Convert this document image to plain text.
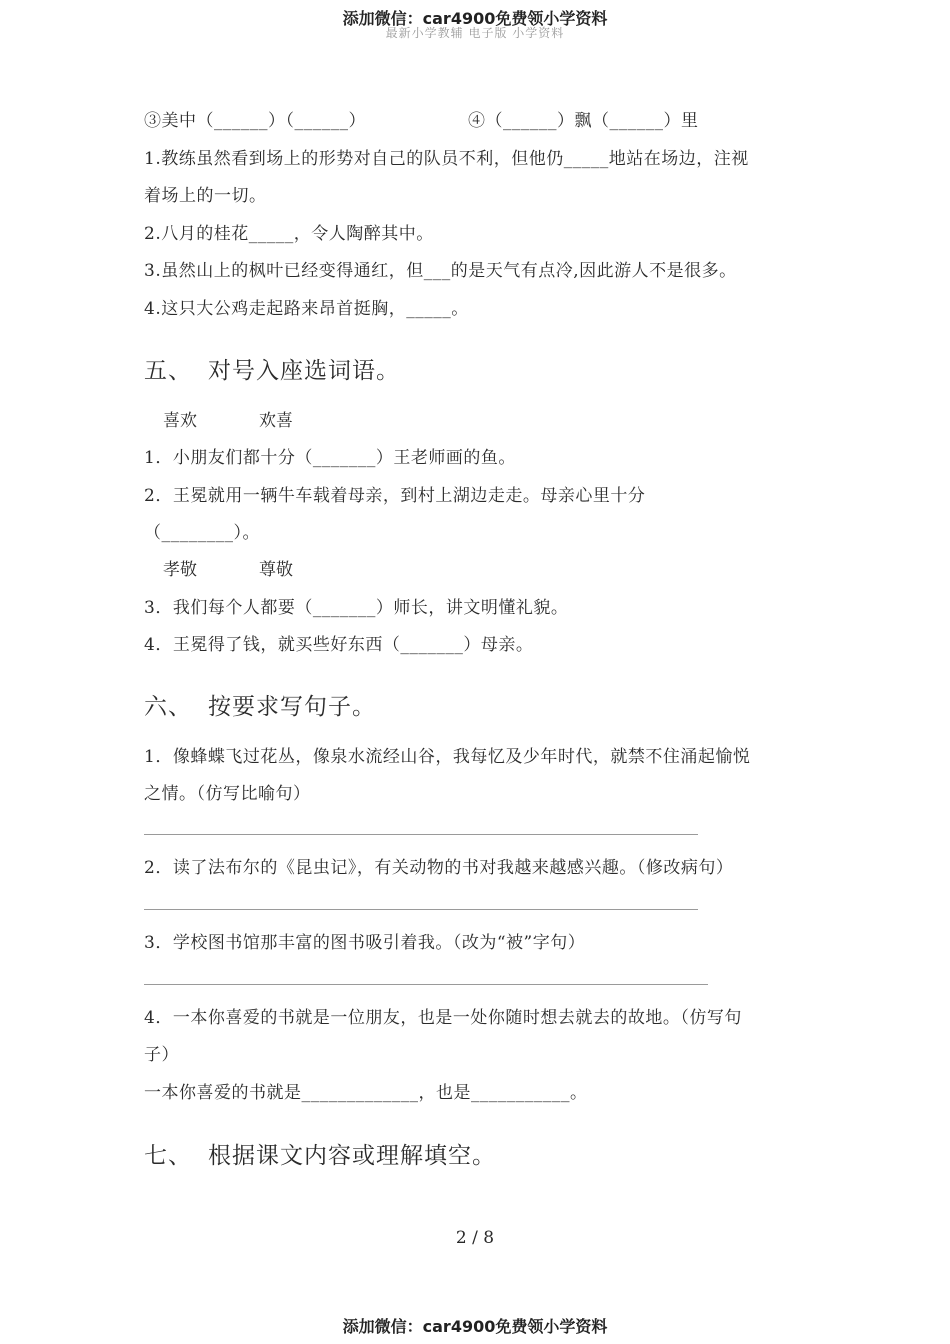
添加微信：car4900免费领小学资料
最新小学教辅 电子版 小学资料
③美中（______）（______）	④（______）飘（______）里
1.教练虽然看到场上的形势对自己的队员不利，但他仍_____地站在场边，注视
着场上的一切。
2.八月的桂花_____，令人陶醉其中。
3.虽然山上的枫叶已经变得通红，但___的是天气有点冷,因此游人不是很多。
4.这只大公鸡走起路来昂首挺胸，_____。
五、 对号入座选词语。
喜欢	欢喜
1．小朋友们都十分（_______）王老师画的鱼。
2．王冕就用一辆牛车载着母亲，到村上湖边走走。母亲心里十分
（________）。
孝敬	尊敬
3．我们每个人都要（_______）师长，讲文明懂礼貌。
4．王冕得了钱，就买些好东西（_______）母亲。
六、 按要求写句子。
1．像蜂蝶飞过花丛，像泉水流经山谷，我每忆及少年时代，就禁不住涌起愉悦
之情。（仿写比喻句）
2．读了法布尔的《昆虫记》，有关动物的书对我越来越感兴趣。（修改病句）
3．学校图书馆那丰富的图书吸引着我。（改为“被”字句）
4．一本你喜爱的书就是一位朋友，也是一处你随时想去就去的故地。（仿写句
子）
一本你喜爱的书就是_____________，也是___________。
七、 根据课文内容或理解填空。
2 / 8
添加微信：car4900免费领小学资料
